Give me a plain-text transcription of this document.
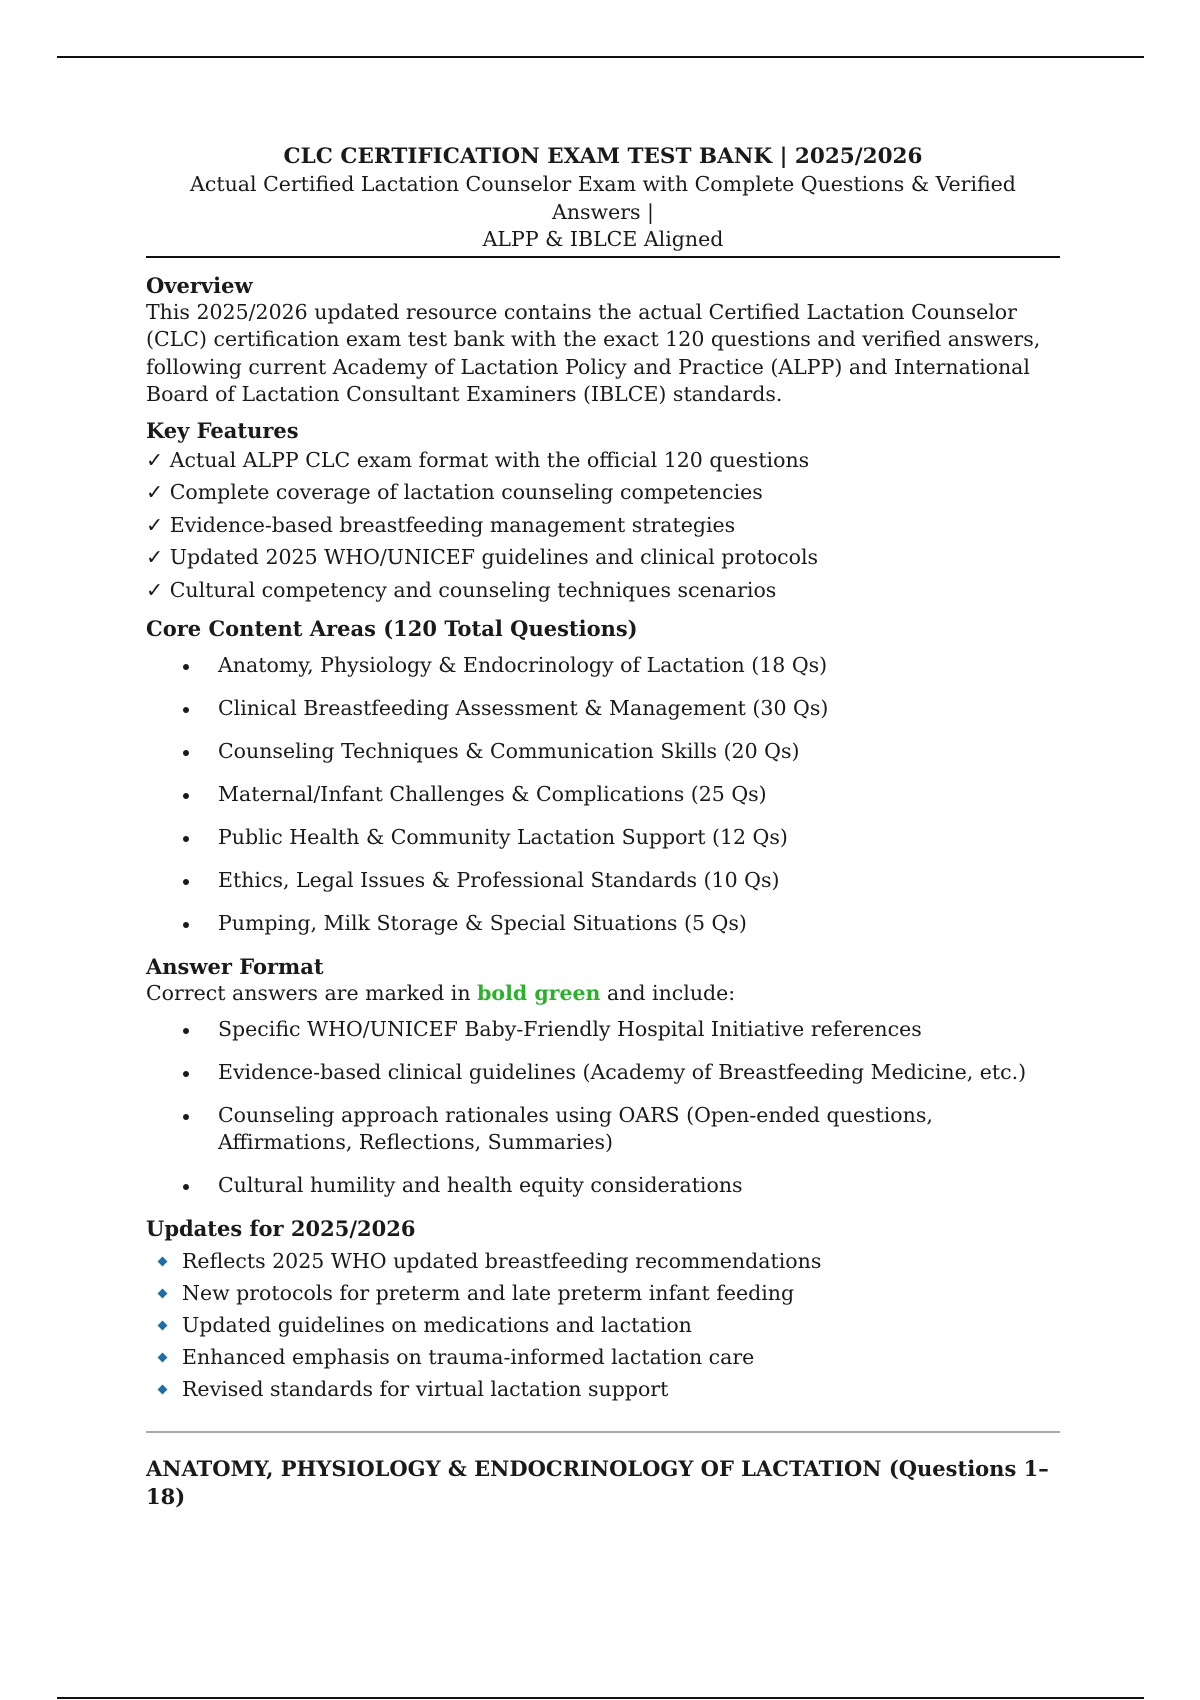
CLC CERTIFICATION EXAM TEST BANK | 2025/2026

Actual Certified Lactation Counselor Exam with Complete Questions & Verified Answers |

ALPP & IBLCE Aligned

Overview

This 2025/2026 updated resource contains the actual Certified Lactation Counselor (CLC) certification exam test bank with the exact 120 questions and verified answers, following current Academy of Lactation Policy and Practice (ALPP) and International Board of Lactation Consultant Examiners (IBLCE) standards.

Key Features

✓ Actual ALPP CLC exam format with the official 120 questions
✓ Complete coverage of lactation counseling competencies
✓ Evidence-based breastfeeding management strategies
✓ Updated 2025 WHO/UNICEF guidelines and clinical protocols
✓ Cultural competency and counseling techniques scenarios

Core Content Areas (120 Total Questions)

Anatomy, Physiology & Endocrinology of Lactation (18 Qs)
Clinical Breastfeeding Assessment & Management (30 Qs)
Counseling Techniques & Communication Skills (20 Qs)
Maternal/Infant Challenges & Complications (25 Qs)
Public Health & Community Lactation Support (12 Qs)
Ethics, Legal Issues & Professional Standards (10 Qs)
Pumping, Milk Storage & Special Situations (5 Qs)

Answer Format

Correct answers are marked in bold green and include:

Specific WHO/UNICEF Baby-Friendly Hospital Initiative references
Evidence-based clinical guidelines (Academy of Breastfeeding Medicine, etc.)
Counseling approach rationales using OARS (Open-ended questions, Affirmations, Reflections, Summaries)
Cultural humility and health equity considerations

Updates for 2025/2026

Reflects 2025 WHO updated breastfeeding recommendations
New protocols for preterm and late preterm infant feeding
Updated guidelines on medications and lactation
Enhanced emphasis on trauma-informed lactation care
Revised standards for virtual lactation support

ANATOMY, PHYSIOLOGY & ENDOCRINOLOGY OF LACTATION (Questions 1–18)
